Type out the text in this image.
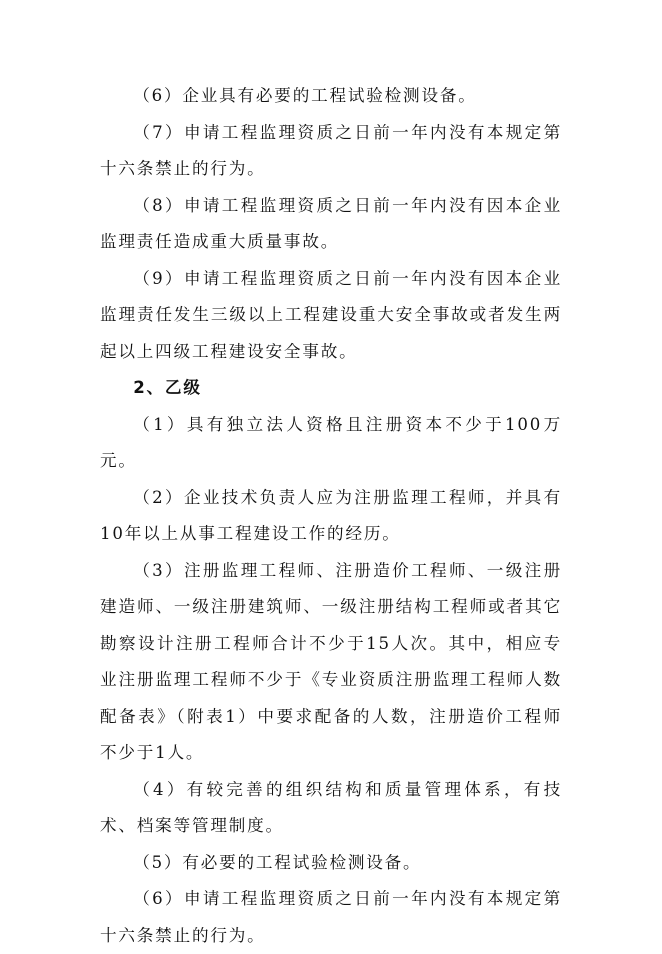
（6）企业具有必要的工程试验检测设备。

（7）申请工程监理资质之日前一年内没有本规定第十六条禁止的行为。

（8）申请工程监理资质之日前一年内没有因本企业监理责任造成重大质量事故。

（9）申请工程监理资质之日前一年内没有因本企业监理责任发生三级以上工程建设重大安全事故或者发生两起以上四级工程建设安全事故。

2、乙级

（1）具有独立法人资格且注册资本不少于100万元。

（2）企业技术负责人应为注册监理工程师，并具有10年以上从事工程建设工作的经历。

（3）注册监理工程师、注册造价工程师、一级注册建造师、一级注册建筑师、一级注册结构工程师或者其它勘察设计注册工程师合计不少于15人次。其中，相应专业注册监理工程师不少于《专业资质注册监理工程师人数配备表》（附表1）中要求配备的人数，注册造价工程师不少于1人。

（4）有较完善的组织结构和质量管理体系，有技术、档案等管理制度。

（5）有必要的工程试验检测设备。

（6）申请工程监理资质之日前一年内没有本规定第十六条禁止的行为。
